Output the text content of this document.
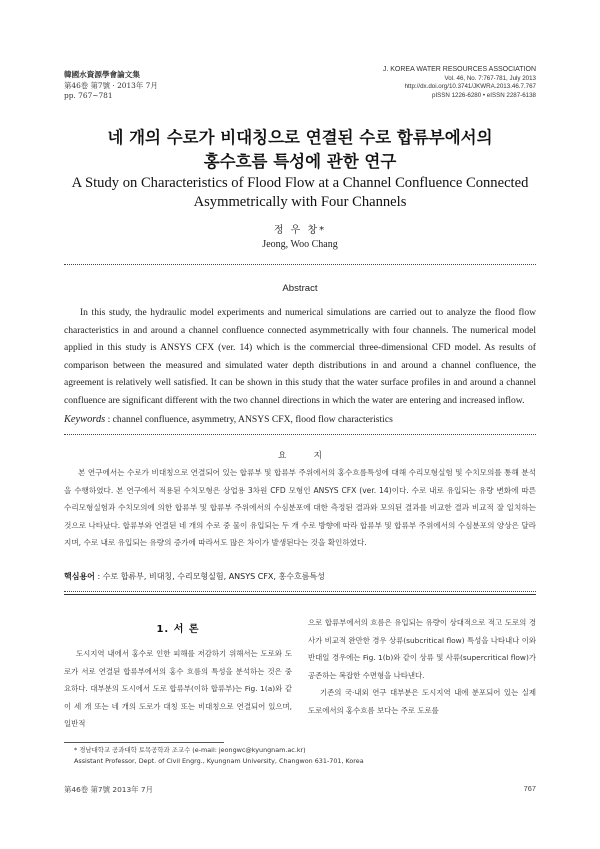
韓國水資源學會論文集
第46卷 第7號 · 2013年 7月
pp. 767~781
J. KOREA WATER RESOURCES ASSOCIATION
Vol. 46, No. 7:767-781, July 2013
http://dx.doi.org/10.3741/JKWRA.2013.46.7.767
pISSN 1226-6280 • eISSN 2287-6138
네 개의 수로가 비대칭으로 연결된 수로 합류부에서의
홍수흐름 특성에 관한 연구
A Study on Characteristics of Flood Flow at a Channel Confluence Connected
Asymmetrically with Four Channels
정 우 창*
Jeong, Woo Chang
Abstract
In this study, the hydraulic model experiments and numerical simulations are carried out to analyze the flood flow characteristics in and around a channel confluence connected asymmetrically with four channels. The numerical model applied in this study is ANSYS CFX (ver. 14) which is the commercial three-dimensional CFD model. As results of comparison between the measured and simulated water depth distributions in and around a channel confluence, the agreement is relatively well satisfied. It can be shown in this study that the water surface profiles in and around a channel confluence are significant different with the two channel directions in which the water are entering and increased inflow.
Keywords : channel confluence, asymmetry, ANSYS CFX, flood flow characteristics
요          지
본 연구에서는 수로가 비대칭으로 연결되어 있는 합류부 및 합류부 주위에서의 홍수흐름특성에 대해 수리모형실험 및 수치모의를 통해 분석을 수행하였다. 본 연구에서 적용된 수치모형은 상업용 3차원 CFD 모형인 ANSYS CFX (ver. 14)이다. 수로 내로 유입되는 유량 변화에 따른 수리모형실험과 수치모의에 의한 합류부 및 합류부 주위에서의 수심분포에 대한 측정된 결과와 모의된 결과를 비교한 결과 비교적 잘 일치하는 것으로 나타났다. 합류부와 연결된 네 개의 수로 중 물이 유입되는 두 개 수로 방향에 따라 합류부 및 합류부 주위에서의 수심분포의 양상은 달라지며, 수로 내로 유입되는 유량의 증가에 따라서도 많은 차이가 발생된다는 것을 확인하였다.
핵심용어 : 수로 합류부, 비대칭, 수리모형실험, ANSYS CFX, 홍수흐름특성
1. 서 론
도시지역 내에서 홍수로 인한 피해를 저감하기 위해서는 도로와 도로가 서로 연결된 합류부에서의 홍수 흐름의 특성을 분석하는 것은 중요하다. 대부분의 도시에서 도로 합류부(이하 합류부)는 Fig. 1(a)와 같이 세 개 또는 네 개의 도로가 대칭 또는 비대칭으로 연결되어 있으며, 일반적
으로 합류부에서의 흐름은 유입되는 유량이 상대적으로 적고 도로의 경사가 비교적 완만한 경우 상류(subcritical flow) 특성을 나타내나 이와 반대일 경우에는 Fig. 1(b)와 같이 상류 및 사류(supercritical flow)가 공존하는 복잡한 수면형을 나타낸다.
기존의 국·내외 연구 대부분은 도시지역 내에 분포되어 있는 실제 도로에서의 홍수흐름 보다는 주로 도로를
* 경남대학교 공과대학 토목공학과 조교수 (e-mail: jeongwc@kyungnam.ac.kr)
Assistant Professor, Dept. of Civil Engrg., Kyungnam University, Changwon 631-701, Korea
第46卷 第7號 2013年 7月	767
